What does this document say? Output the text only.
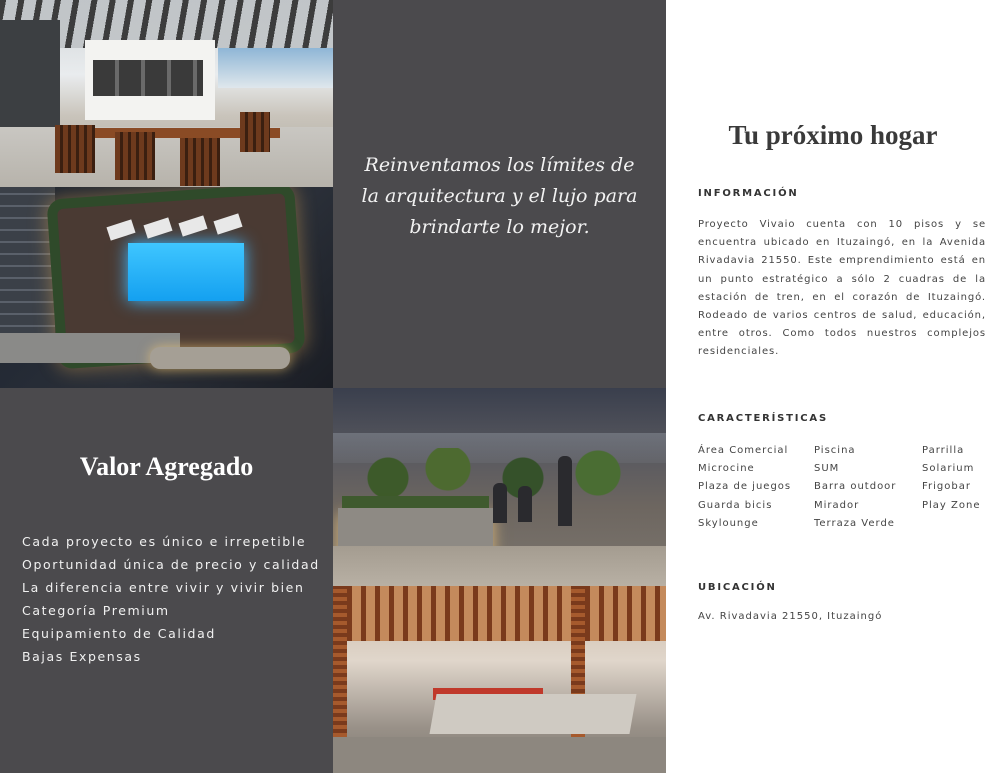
Reinventamos los límites de la arquitectura y el lujo para brindarte lo mejor.

Valor Agregado
Cada proyecto es único e irrepetible
Oportunidad única de precio y calidad
La diferencia entre vivir y vivir bien
Categoría Premium
Equipamiento de Calidad
Bajas Expensas
Tu próximo hogar
INFORMACIÓN

Proyecto Vivaio cuenta con 10 pisos y se encuentra ubicado en Ituzaingó, en la Avenida Rivadavia 21550. Este emprendimiento está en un punto estratégico a sólo 2 cuadras de la estación de tren, en el corazón de Ituzaingó. Rodeado de varios centros de salud, educación, entre otros. Como todos nuestros complejos residenciales.

CARACTERÍSTICAS
Área Comercial	Piscina	Parrilla
Microcine	SUM	Solarium
Plaza de juegos	Barra outdoor	Frigobar
Guarda bicis	Mirador	Play Zone
Skylounge	Terraza Verde
UBICACIÓN

Av. Rivadavia 21550, Ituzaingó
